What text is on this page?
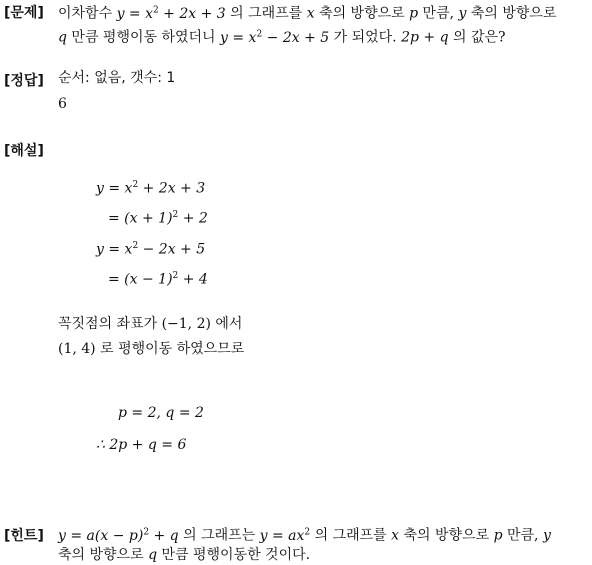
[문제] 이차함수 $y = x^2 + 2x + 3$ 의 그래프를 x 축의 방향으로 p 만큼, y 축의 방향으로
q 만큼 평행이동 하였더니 $y = x^2 - 2x + 5$ 가 되었다. 2p + q 의 값은?
[정답] 순서: 없음, 갯수: 1
6
[해설]
$y = x^2 + 2x + 3$
= $(x + 1)^2 + 2$
$y = x^2 - 2x + 5$
= $(x - 1)^2 + 4$
꼭짓점의 좌표가 (−1, 2) 에서
(1, 4) 로 평행이동 하였으므로
p = 2, q = 2
∴ 2p + q = 6
[힌트] $y = a(x - p)^2 + q$ 의 그래프는 $y = ax^2$ 의 그래프를 x 축의 방향으로 p 만큼, y
축의 방향으로 q 만큼 평행이동한 것이다.
